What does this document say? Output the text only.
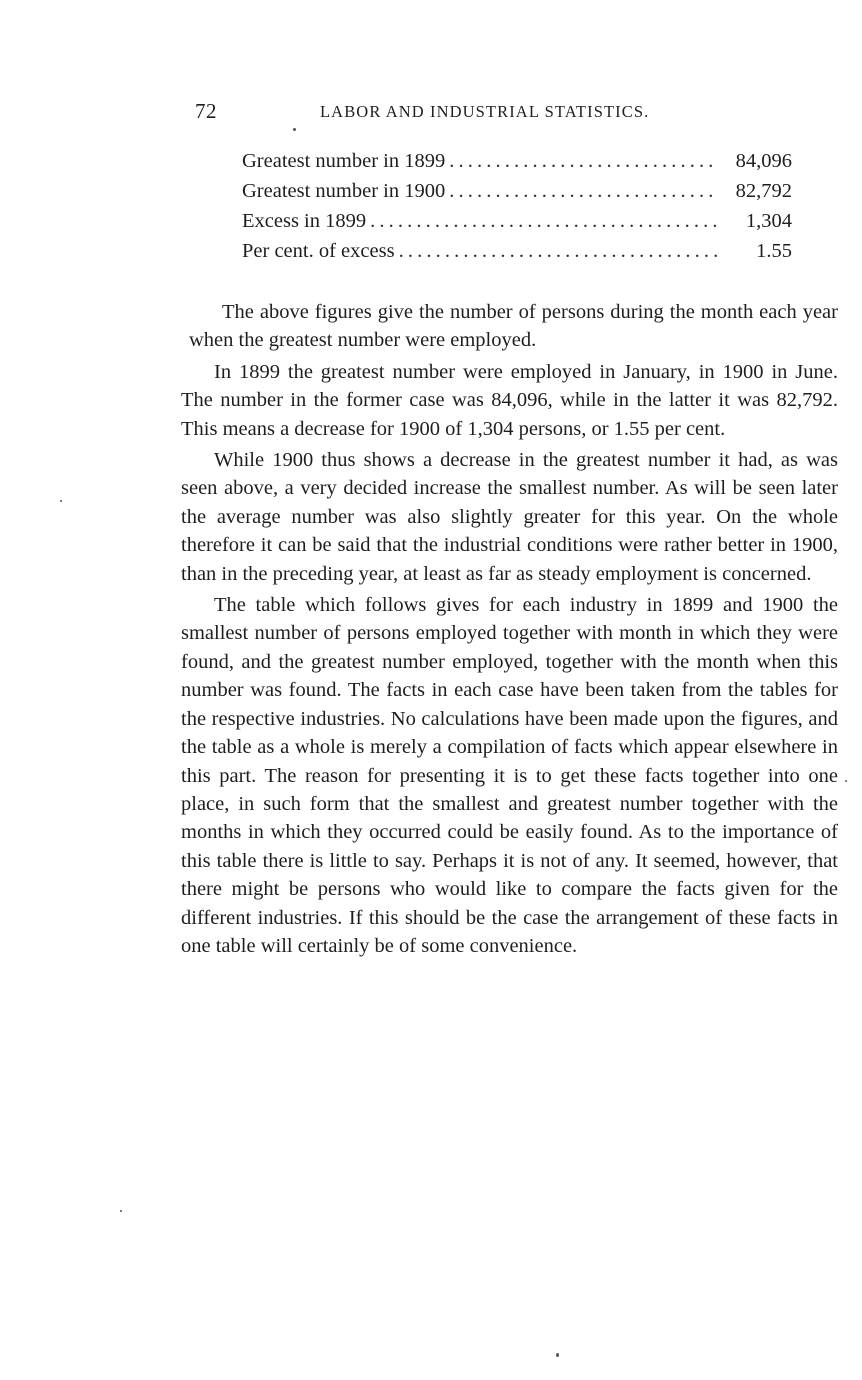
72	LABOR AND INDUSTRIAL STATISTICS.
Greatest number in 1899 . . .	84,096
Greatest number in 1900 . . .	82,792
Excess in 1899 . . .	1,304
Per cent. of excess . . .	1.55

The above figures give the number of persons during the month each year when the greatest number were employed.

In 1899 the greatest number were employed in January, in 1900 in June. The number in the former case was 84,096, while in the latter it was 82,792. This means a decrease for 1900 of 1,304 persons, or 1.55 per cent.

While 1900 thus shows a decrease in the greatest number it had, as was seen above, a very decided increase the smallest number. As will be seen later the average number was also slightly greater for this year. On the whole therefore it can be said that the industrial conditions were rather better in 1900, than in the preceding year, at least as far as steady employment is concerned.

The table which follows gives for each industry in 1899 and 1900 the smallest number of persons employed together with month in which they were found, and the greatest number employed, together with the month when this number was found. The facts in each case have been taken from the tables for the respective industries. No calculations have been made upon the figures, and the table as a whole is merely a compilation of facts which appear elsewhere in this part. The reason for presenting it is to get these facts together into one place, in such form that the smallest and greatest number together with the months in which they occurred could be easily found. As to the importance of this table there is little to say. Perhaps it is not of any. It seemed, however, that there might be persons who would like to compare the facts given for the different industries. If this should be the case the arrangement of these facts in one table will certainly be of some convenience.
